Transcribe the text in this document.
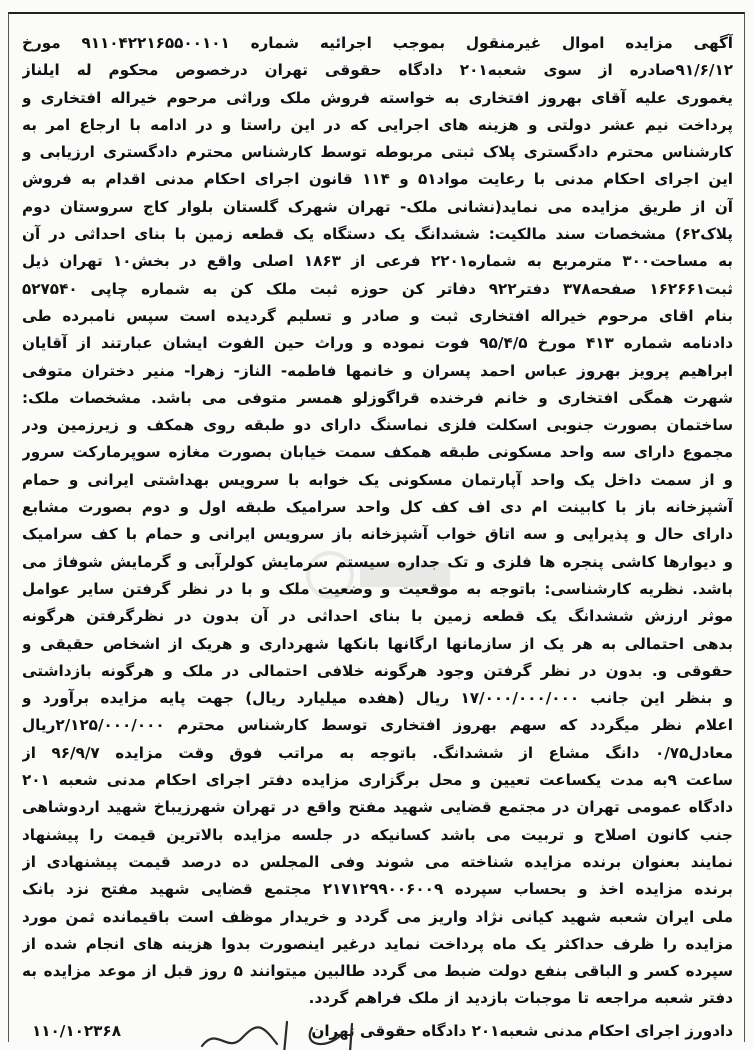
آگهی مزایده اموال غیرمنقول بموجب اجرائیه شماره ۹۱۱۰۴۲۲۱۶۵۵۰۰۱۰۱ مورخ
۹۱/۶/۱۲صادره از سوی شعبه۲۰۱ دادگاه حقوقی تهران درخصوص محکوم له ایلناز
یغموری علیه آقای بهروز افتخاری به خواسته فروش ملک وراثی مرحوم خیراله افتخاری و
پرداخت نیم عشر دولتی و هزینه های اجرایی که در این راستا و در ادامه با ارجاع امر به
کارشناس محترم دادگستری پلاک ثبتی مربوطه توسط کارشناس محترم دادگستری ارزیابی و
این اجرای احکام مدنی با رعایت مواد۵۱ و ۱۱۴ قانون اجرای احکام مدنی اقدام به فروش
آن از طریق مزایده می نماید(نشانی ملک- تهران شهرک گلستان بلوار کاج سروستان دوم
پلاک۶۲) مشخصات سند مالکیت: ششدانگ یک دستگاه یک قطعه زمین با بنای احداثی در آن
به مساحت۳۰۰ مترمربع به شماره۲۲۰۱ فرعی از ۱۸۶۳ اصلی واقع در بخش۱۰ تهران ذیل
ثبت۱۶۲۶۶۱ صفحه۳۷۸ دفتر۹۲۲ دفاتر کن حوزه ثبت ملک کن به شماره چاپی ۵۲۷۵۴۰
بنام اقای مرحوم خیراله افتخاری ثبت و صادر و تسلیم گردیده است سپس نامبرده طی
دادنامه شماره ۴۱۳ مورخ ۹۵/۴/۵ فوت نموده و وراث حین الفوت ایشان عبارتند از آقایان
ابراهیم پرویز بهروز عباس احمد پسران و خانمها فاطمه- الناز- زهرا- منیر دختران متوفی
شهرت همگی افتخاری و خانم فرخنده قراگوزلو همسر متوفی می باشد. مشخصات ملک:
ساختمان بصورت جنوبی اسکلت فلزی نماسنگ دارای دو طبقه روی همکف و زیرزمین ودر
مجموع دارای سه واحد مسکونی طبقه همکف سمت خیابان بصورت مغازه سوپرمارکت سرور
و از سمت داخل یک واحد آپارتمان مسکونی یک خوابه با سرویس بهداشتی ایرانی و حمام
آشپزخانه باز با کابینت ام دی اف کف کل واحد سرامیک طبقه اول و دوم بصورت مشابع
دارای حال و پذیرایی و سه اتاق خواب آشپزخانه باز سرویس ایرانی و حمام با کف سرامیک
و دیوارها کاشی پنجره ها فلزی و تک جداره سیستم سرمایش کولرآبی و گرمایش شوفاژ می
باشد. نظریه کارشناسی: باتوجه به موقعیت و وضعیت ملک و با در نظر گرفتن سایر عوامل
موثر ارزش ششدانگ یک قطعه زمین با بنای احداثی در آن بدون در نظرگرفتن هرگونه
بدهی احتمالی به هر یک از سازمانها ارگانها بانکها شهرداری و هریک از اشخاص حقیقی و
حقوقی و. بدون در نظر گرفتن وجود هرگونه خلافی احتمالی در ملک و هرگونه بازداشتی
و بنظر این جانب ۱۷/۰۰۰/۰۰۰/۰۰۰ ریال (هفده میلیارد ریال) جهت پایه مزایده برآورد و
اعلام نظر میگردد که سهم بهروز افتخاری توسط کارشناس محترم ۲/۱۲۵/۰۰۰/۰۰۰ریال
معادل۰/۷۵ دانگ مشاع از ششدانگ. باتوجه به مراتب فوق وقت مزایده ۹۶/۹/۷ از
ساعت ۹به مدت یکساعت تعیین و محل برگزاری مزایده دفتر اجرای احکام مدنی شعبه ۲۰۱
دادگاه عمومی تهران در مجتمع قضایی شهید مفتح واقع در تهران شهرزیباخ شهید اردوشاهی
جنب کانون اصلاح و تربیت می باشد کسانیکه در جلسه مزایده بالاترین قیمت را پیشنهاد
نمایند بعنوان برنده مزایده شناخته می شوند وفی المجلس ده درصد قیمت پیشنهادی از
برنده مزایده اخذ و بحساب سپرده ۲۱۷۱۲۹۹۰۰۶۰۰۹ مجتمع قضایی شهید مفتح نزد بانک
ملی ایران شعبه شهید کیانی نژاد واریز می گردد و خریدار موظف است باقیمانده ثمن مورد
مزایده را ظرف حداکثر یک ماه پرداخت نماید درغیر اینصورت بدوا هزینه های انجام شده از
سپرده کسر و الباقی بنفع دولت ضبط می گردد طالبین میتوانند ۵ روز قبل از موعد مزایده به
دفتر شعبه مراجعه تا موجبات بازدید از ملک فراهم گردد.
دادورز اجرای احکام مدنی شعبه۲۰۱ دادگاه حقوقی تهران
۱۱۰/۱۰۲۳۶۸
